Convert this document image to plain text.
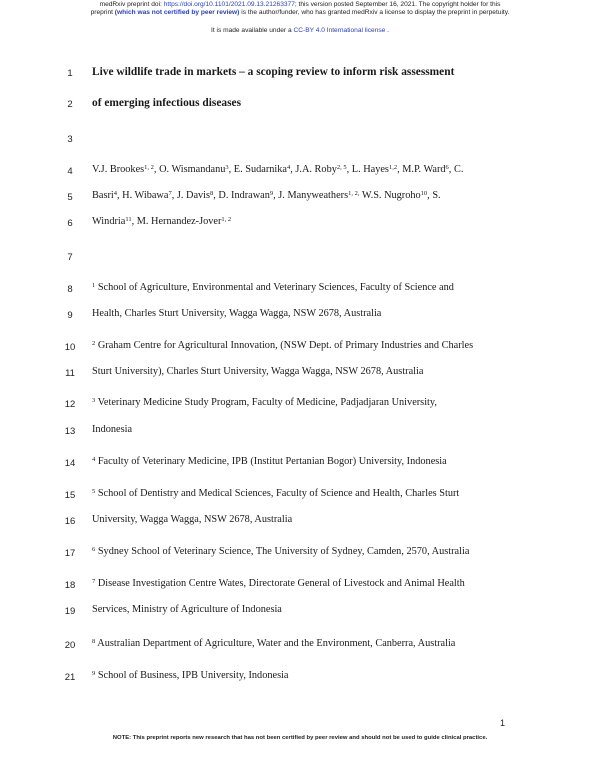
medRxiv preprint doi: https://doi.org/10.1101/2021.09.13.21263377; this version posted September 16, 2021. The copyright holder for this
preprint (which was not certified by peer review) is the author/funder, who has granted medRxiv a license to display the preprint in perpetuity.
It is made available under a CC-BY 4.0 International license .
1
2
3
4
5
6
7
8
9
10
11
12
13
14
15
16
17
18
19
20
21
Live wildlife trade in markets – a scoping review to inform risk assessment
of emerging infectious diseases
V.J. Brookes$^{1, 2}$, O. Wismandanu$^3$, E. Sudarnika$^4$, J.A. Roby$^{2, 5}$, L. Hayes$^{1,2}$, M.P. Ward$^6$, C.
Basri$^4$, H. Wibawa$^7$, J. Davis$^8$, D. Indrawan$^9$, J. Manyweathers$^{1, 2,}$ W.S. Nugroho$^{10}$, S.
Windria$^{11}$, M. Hernandez-Jover$^{1, 2}$
$^1$ School of Agriculture, Environmental and Veterinary Sciences, Faculty of Science and
Health, Charles Sturt University, Wagga Wagga, NSW 2678, Australia
$^2$ Graham Centre for Agricultural Innovation, (NSW Dept. of Primary Industries and Charles
Sturt University), Charles Sturt University, Wagga Wagga, NSW 2678, Australia
$^3$ Veterinary Medicine Study Program, Faculty of Medicine, Padjadjaran University,
Indonesia
$^4$ Faculty of Veterinary Medicine, IPB (Institut Pertanian Bogor) University, Indonesia
$^5$ School of Dentistry and Medical Sciences, Faculty of Science and Health, Charles Sturt
University, Wagga Wagga, NSW 2678, Australia
$^6$ Sydney School of Veterinary Science, The University of Sydney, Camden, 2570, Australia
$^7$ Disease Investigation Centre Wates, Directorate General of Livestock and Animal Health
Services, Ministry of Agriculture of Indonesia
$^8$ Australian Department of Agriculture, Water and the Environment, Canberra, Australia
$^9$ School of Business, IPB University, Indonesia
1
NOTE: This preprint reports new research that has not been certified by peer review and should not be used to guide clinical practice.
